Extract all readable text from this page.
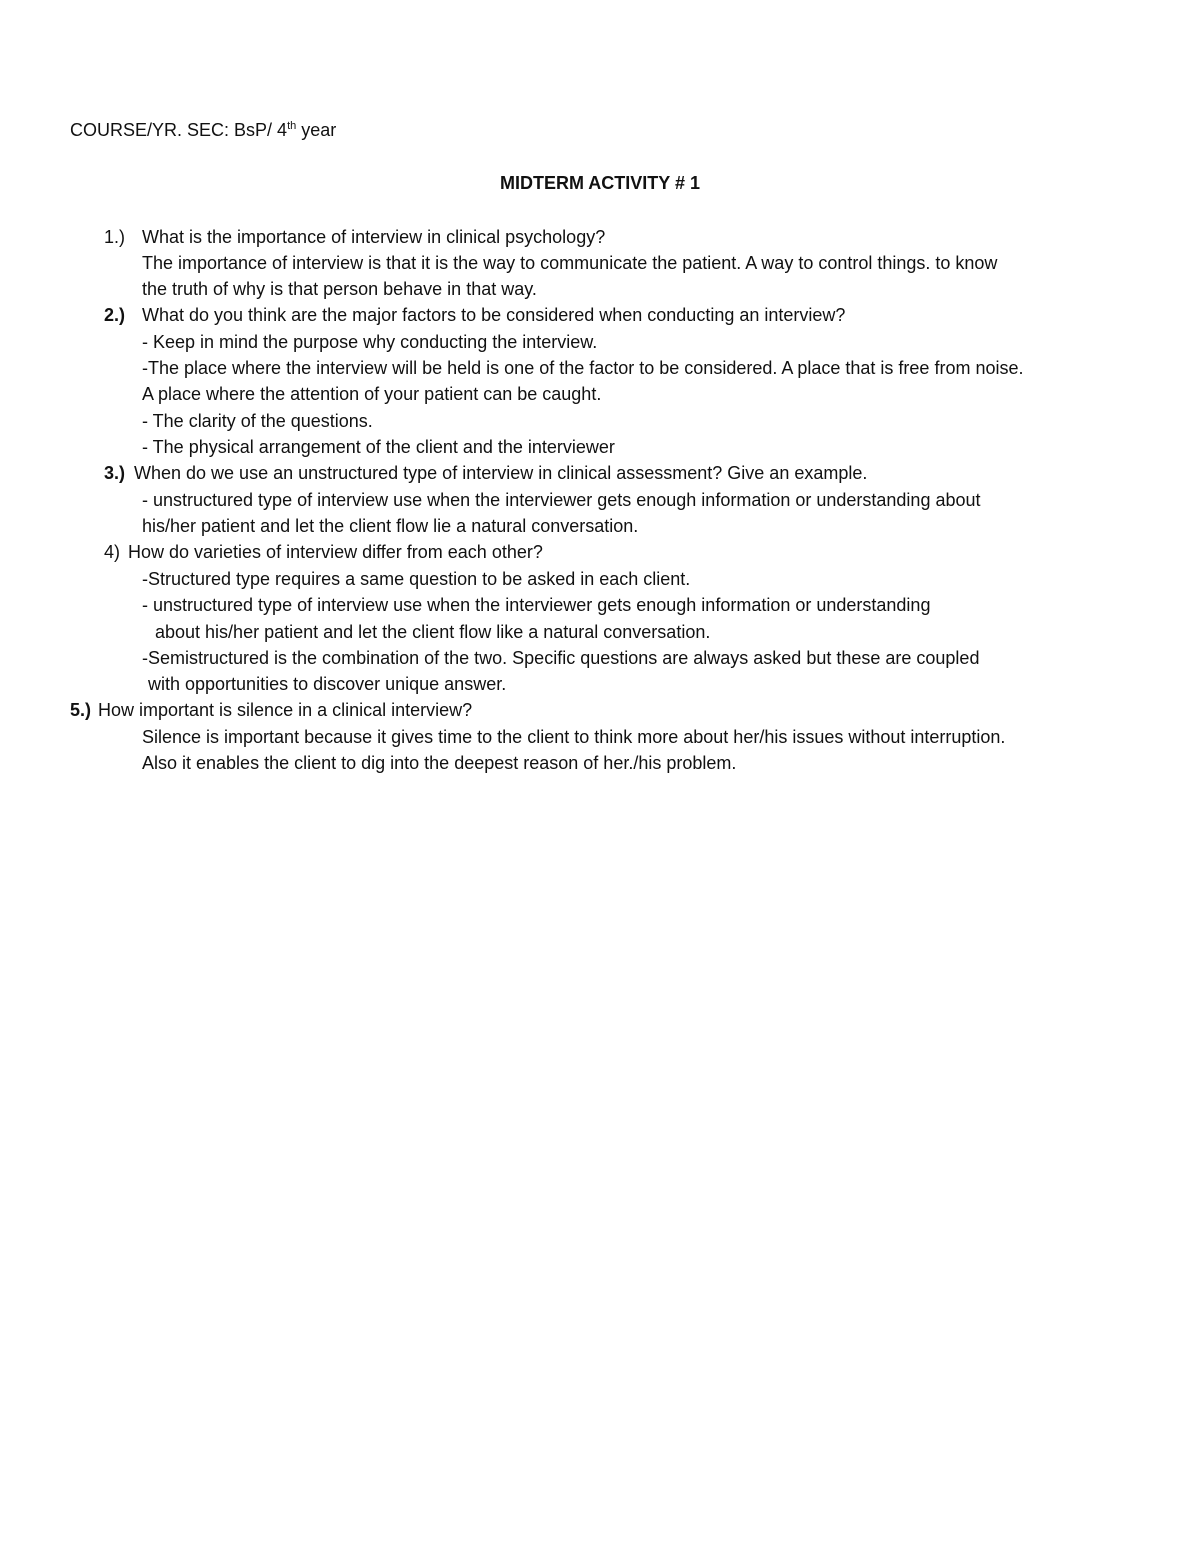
COURSE/YR. SEC: BsP/ 4th year
MIDTERM ACTIVITY # 1
1.) What is the importance of interview in clinical psychology?
The importance of interview is that it is the way to communicate the patient. A way to control things. to know
the truth of why is that person behave in that way.
2.) What do you think are the major factors to be considered when conducting an interview?
- Keep in mind the purpose why conducting the interview.
-The place where the interview will be held is one of the factor to be considered. A place that is free from noise.
A place where the attention of your patient can be caught.
- The clarity of the questions.
- The physical arrangement of the client and the interviewer
3.) When do we use an unstructured type of interview in clinical assessment? Give an example.
- unstructured type of interview use when the interviewer gets enough information or understanding about
his/her patient and let the client flow lie a natural conversation.
4) How do varieties of interview differ from each other?
-Structured type requires a same question to be asked in each client.
- unstructured type of interview use when the interviewer gets enough information or understanding
about his/her patient and let the client flow like a natural conversation.
-Semistructured is the combination of the two. Specific questions are always asked but these are coupled
with opportunities to discover unique answer.
5.) How important is silence in a clinical interview?
Silence is important because it gives time to the client to think more about her/his issues without interruption.
Also it enables the client to dig into the deepest reason of her./his problem.
